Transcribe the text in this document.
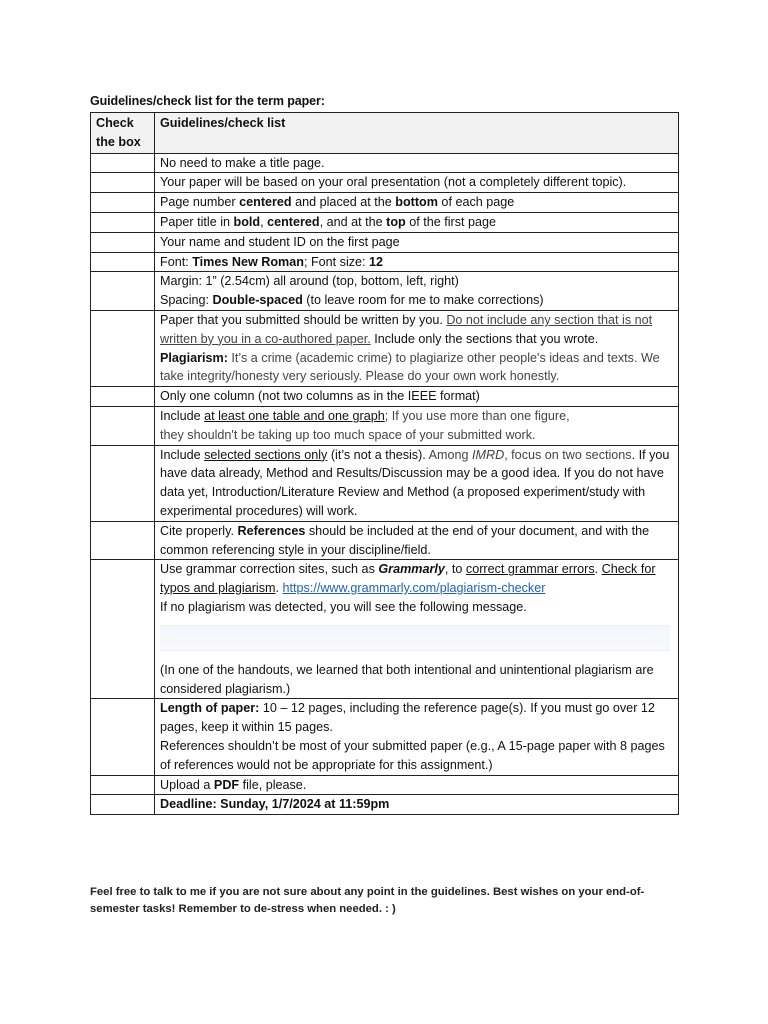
Guidelines/check list for the term paper:
Check the box	Guidelines/check list
	No need to make a title page.
	Your paper will be based on your oral presentation (not a completely different topic).
	Page number centered and placed at the bottom of each page
	Paper title in bold, centered, and at the top of the first page
	Your name and student ID on the first page
	Font: Times New Roman; Font size: 12
	Margin: 1” (2.54cm) all around (top, bottom, left, right)
Spacing: Double-spaced (to leave room for me to make corrections)
	Paper that you submitted should be written by you. Do not include any section that is not written by you in a co-authored paper. Include only the sections that you wrote.
Plagiarism: It’s a crime (academic crime) to plagiarize other people's ideas and texts. We take integrity/honesty very seriously. Please do your own work honestly.
	Only one column (not two columns as in the IEEE format)
	Include at least one table and one graph; If you use more than one figure,
they shouldn't be taking up too much space of your submitted work.
	Include selected sections only (it’s not a thesis). Among IMRD, focus on two sections. If you have data already, Method and Results/Discussion may be a good idea. If you do not have data yet, Introduction/Literature Review and Method (a proposed experiment/study with experimental procedures) will work.
	Cite properly. References should be included at the end of your document, and with the common referencing style in your discipline/field.
	Use grammar correction sites, such as Grammarly, to correct grammar errors. Check for typos and plagiarism. https://www.grammarly.com/plagiarism-checker
If no plagiarism was detected, you will see the following message.
(In one of the handouts, we learned that both intentional and unintentional plagiarism are considered plagiarism.)
	Length of paper: 10 – 12 pages, including the reference page(s). If you must go over 12 pages, keep it within 15 pages.
References shouldn’t be most of your submitted paper (e.g., A 15-page paper with 8 pages of references would not be appropriate for this assignment.)
	Upload a PDF file, please.
	Deadline: Sunday, 1/7/2024 at 11:59pm
Feel free to talk to me if you are not sure about any point in the guidelines. Best wishes on your end-of-semester tasks! Remember to de-stress when needed. : )
